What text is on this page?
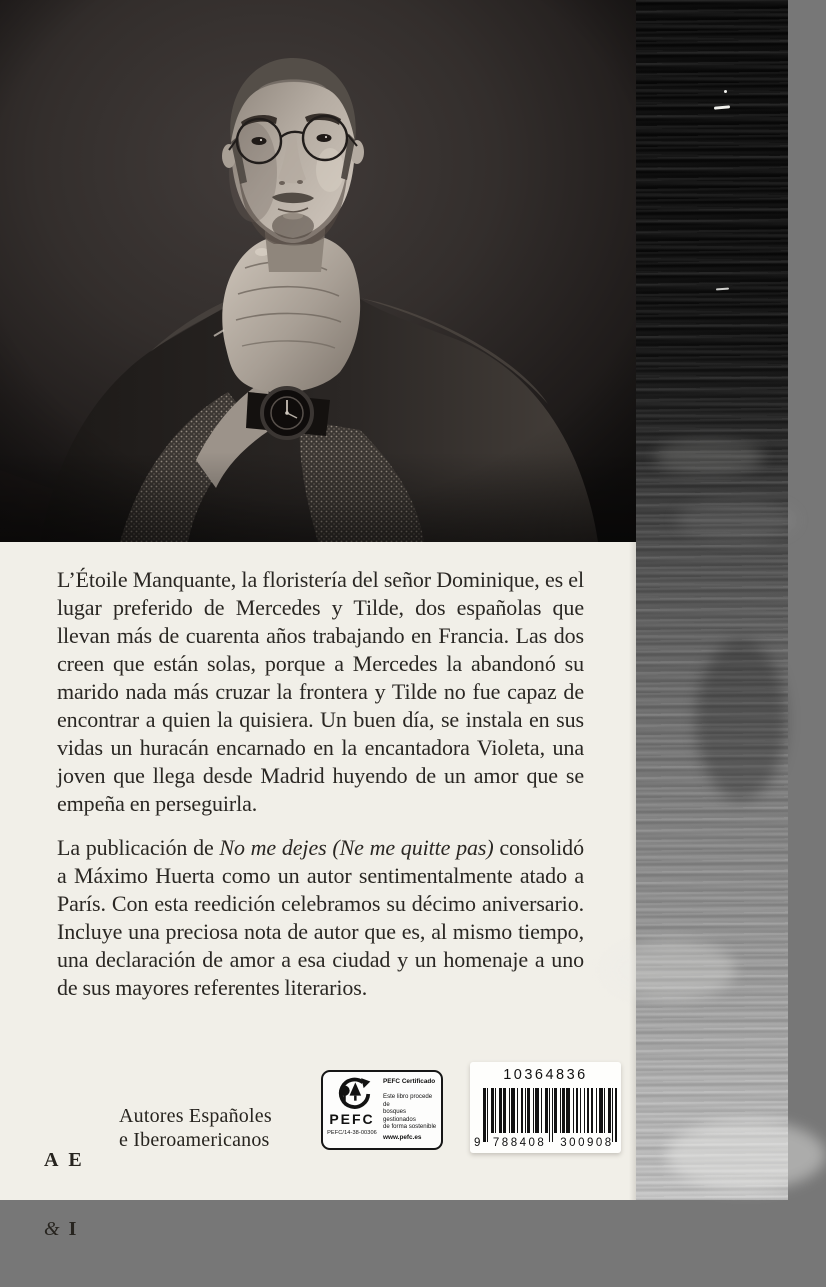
L’Étoile Manquante, la floristería del señor Dominique, es el lugar preferido de Mercedes y Tilde, dos españolas que llevan más de cuarenta años trabajando en Francia. Las dos creen que están solas, porque a Mercedes la abandonó su marido nada más cruzar la frontera y Tilde no fue capaz de encontrar a quien la quisiera. Un buen día, se instala en sus vidas un huracán encarnado en la encantadora Violeta, una joven que llega desde Madrid huyendo de un amor que se empeña en perseguirla.

La publicación de No me dejes (Ne me quitte pas) consolidó a Máximo Huerta como un autor sentimentalmente atado a París. Con esta reedición celebramos su décimo aniversario. Incluye una preciosa nota de autor que es, al mismo tiempo, una declaración de amor a esa ciudad y un homenaje a uno de sus mayores referentes literarios.

A E

& I

Autores Españoles
e Iberoamericanos
PEFC
PEFC/14-38-00306
PEFC Certificado
Este libro procede de
bosques gestionados
de forma sostenible
www.pefc.es
10364836
9 788408 300908
